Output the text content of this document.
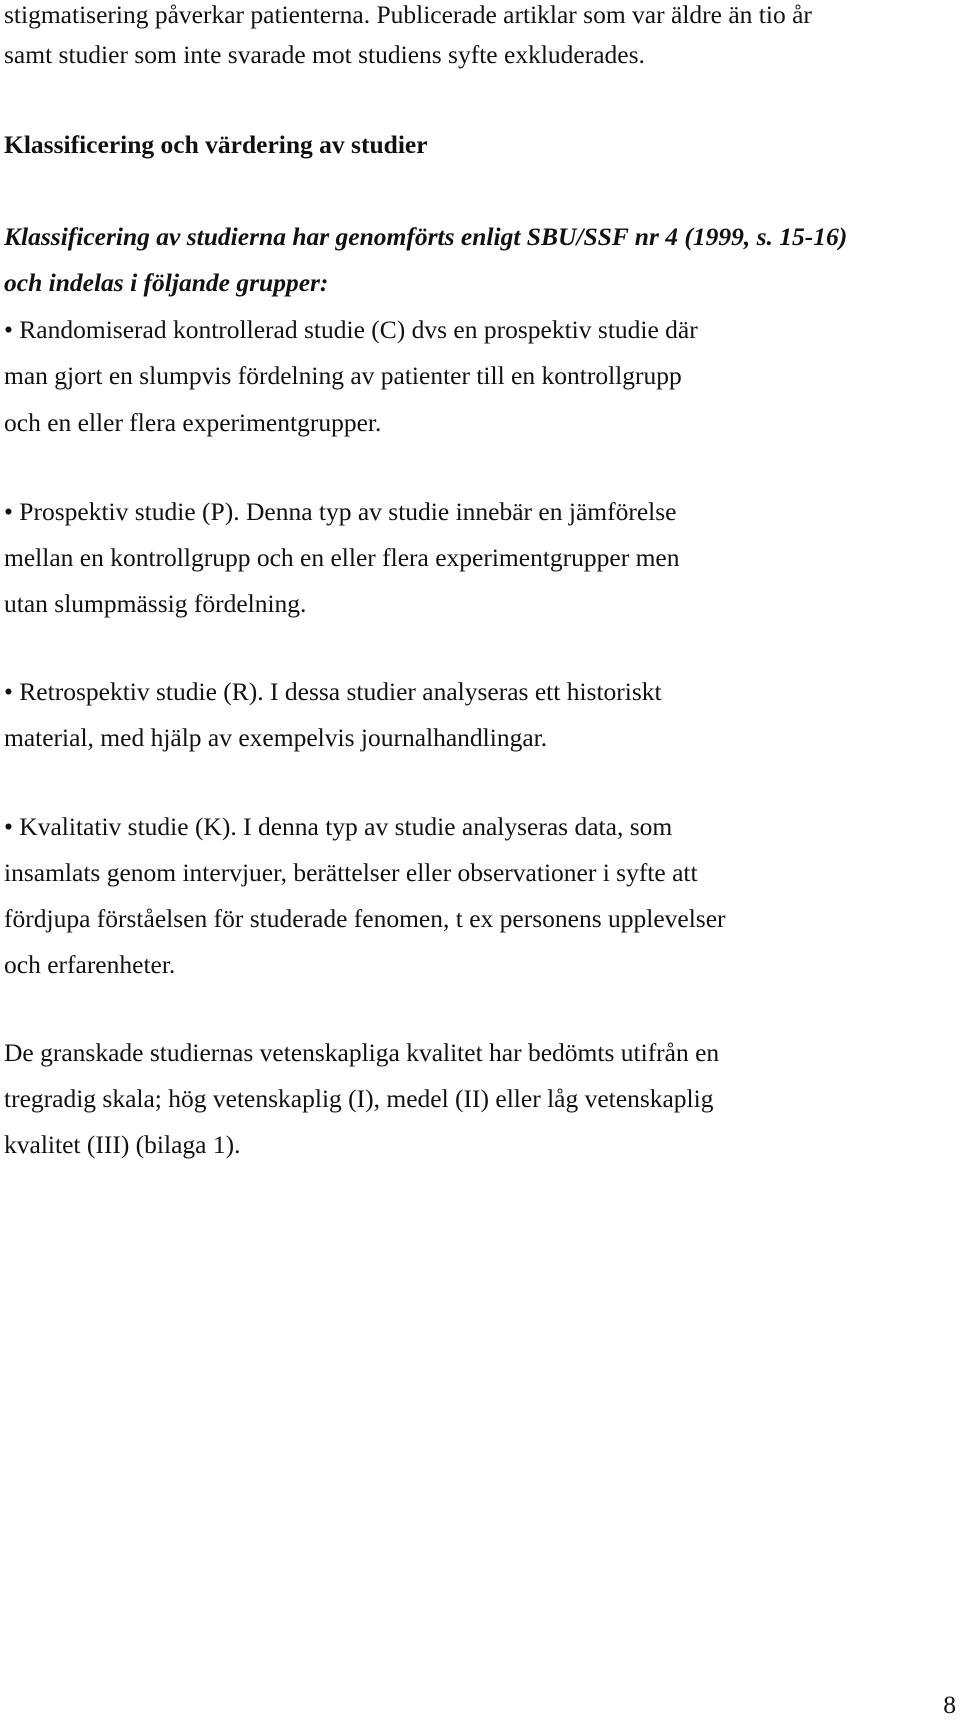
stigmatisering påverkar patienterna. Publicerade artiklar som var äldre än tio år
samt studier som inte svarade mot studiens syfte exkluderades.
Klassificering och värdering av studier
Klassificering av studierna har genomförts enligt SBU/SSF nr 4 (1999, s. 15-16)
och indelas i följande grupper:
• Randomiserad kontrollerad studie (C) dvs en prospektiv studie där
man gjort en slumpvis fördelning av patienter till en kontrollgrupp
och en eller flera experimentgrupper.
• Prospektiv studie (P). Denna typ av studie innebär en jämförelse
mellan en kontrollgrupp och en eller flera experimentgrupper men
utan slumpmässig fördelning.
• Retrospektiv studie (R). I dessa studier analyseras ett historiskt
material, med hjälp av exempelvis journalhandlingar.
• Kvalitativ studie (K). I denna typ av studie analyseras data, som
insamlats genom intervjuer, berättelser eller observationer i syfte att
fördjupa förståelsen för studerade fenomen, t ex personens upplevelser
och erfarenheter.
De granskade studiernas vetenskapliga kvalitet har bedömts utifrån en
tregradig skala; hög vetenskaplig (I), medel (II) eller låg vetenskaplig
kvalitet (III) (bilaga 1).
8
